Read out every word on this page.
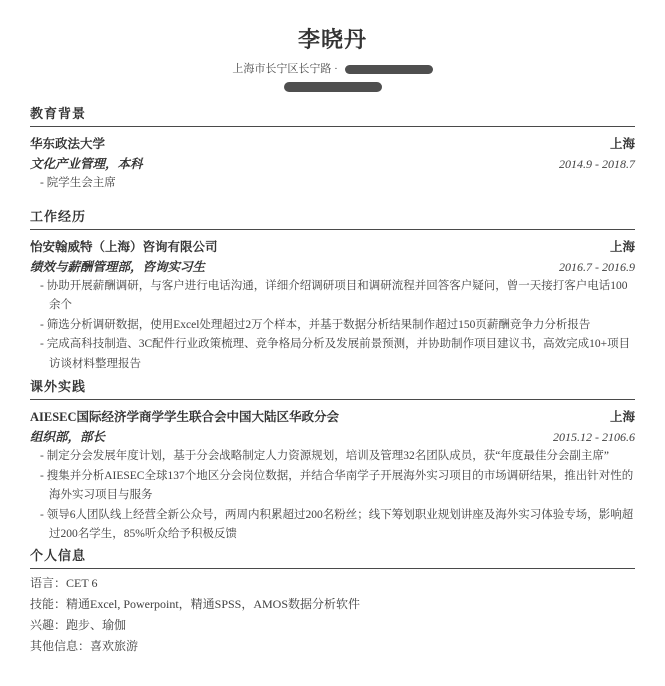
李晓丹
上海市长宁区长宁路 ·
教育背景
华东政法大学	上海
文化产业管理，本科	2014.9 - 2018.7
- 院学生会主席
工作经历
怡安翰威特（上海）咨询有限公司	上海
绩效与薪酬管理部，咨询实习生	2016.7 - 2016.9
- 协助开展薪酬调研，与客户进行电话沟通，详细介绍调研项目和调研流程并回答客户疑问，曾一天接打客户电话100余个
- 筛选分析调研数据，使用Excel处理超过2万个样本，并基于数据分析结果制作超过150页薪酬竞争力分析报告
- 完成高科技制造、3C配件行业政策梳理、竞争格局分析及发展前景预测，并协助制作项目建议书，高效完成10+项目访谈材料整理报告
课外实践
AIESEC国际经济学商学学生联合会中国大陆区华政分会	上海
组织部，部长	2015.12 - 2106.6
- 制定分会发展年度计划，基于分会战略制定人力资源规划，培训及管理32名团队成员，获“年度最佳分会副主席”
- 搜集并分析AIESEC全球137个地区分会岗位数据，并结合华南学子开展海外实习项目的市场调研结果，推出针对性的海外实习项目与服务
- 领导6人团队线上经营全新公众号，两周内积累超过200名粉丝；线下筹划职业规划讲座及海外实习体验专场，影响超过200名学生，85%听众给予积极反馈
个人信息
语言：CET 6
技能：精通Excel, Powerpoint，精通SPSS，AMOS数据分析软件
兴趣：跑步、瑜伽
其他信息：喜欢旅游
